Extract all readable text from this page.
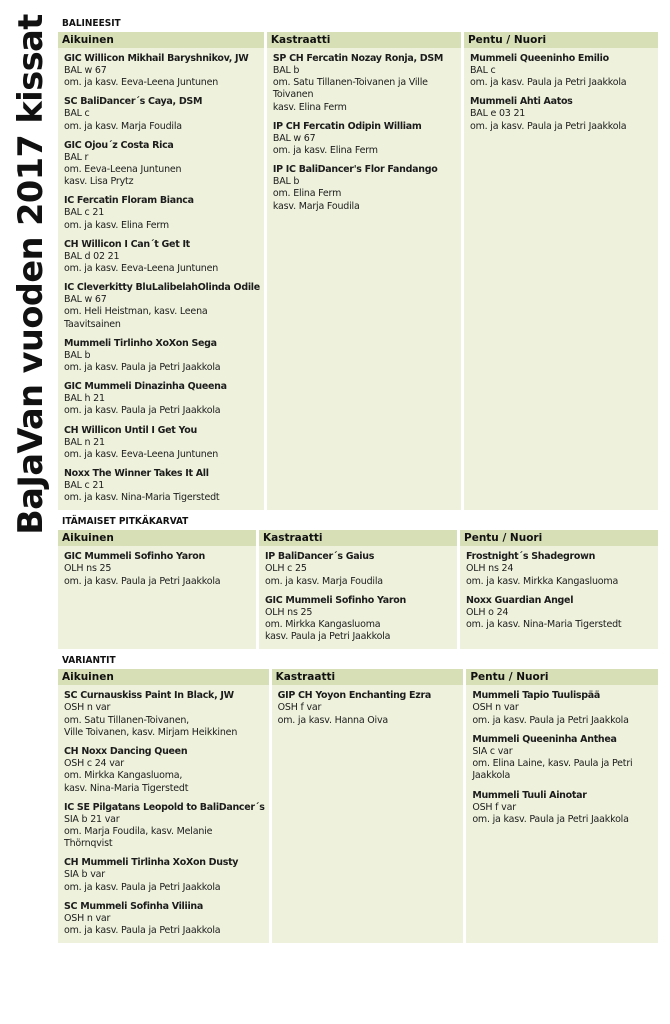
BaJaVan vuoden 2017 kissat	BALINEESIT
Aikuinen
GIC Willicon Mikhail Baryshnikov, JW
BAL w 67
om. ja kasv. Eeva-Leena Juntunen
SC BaliDancer´s Caya, DSM
BAL c
om. ja kasv. Marja Foudila
GIC Ojou´z Costa Rica
BAL r
om. Eeva-Leena Juntunen
kasv. Lisa Prytz
IC Fercatin Floram Bianca
BAL c 21
om. ja kasv. Elina Ferm
CH Willicon I Can´t Get It
BAL d 02 21
om. ja kasv. Eeva-Leena Juntunen
IC Cleverkitty BluLalibelahOlinda Odile
BAL w 67
om. Heli Heistman, kasv. Leena
Taavitsainen
Mummeli Tirlinho XoXon Sega
BAL b
om. ja kasv. Paula ja Petri Jaakkola
GIC Mummeli Dinazinha Queena
BAL h 21
om. ja kasv. Paula ja Petri Jaakkola
CH Willicon Until I Get You
BAL n 21
om. ja kasv. Eeva-Leena Juntunen
Noxx The Winner Takes It All
BAL c 21
om. ja kasv. Nina-Maria Tigerstedt
Kastraatti
SP CH Fercatin Nozay Ronja, DSM
BAL b
om. Satu Tillanen-Toivanen ja Ville
Toivanen
kasv. Elina Ferm
IP CH Fercatin Odipin William
BAL w 67
om. ja kasv. Elina Ferm
IP IC BaliDancer's Flor Fandango
BAL b
om. Elina Ferm
kasv. Marja Foudila
Pentu / Nuori
Mummeli Queeninho Emilio
BAL c
om. ja kasv. Paula ja Petri Jaakkola
Mummeli Ahti Aatos
BAL e 03 21
om. ja kasv. Paula ja Petri Jaakkola
ITÄMAISET PITKÄKARVAT
Aikuinen
GIC Mummeli Sofinho Yaron
OLH ns 25
om. ja kasv. Paula ja Petri Jaakkola
Kastraatti
IP BaliDancer´s Gaius
OLH c 25
om. ja kasv. Marja Foudila
GIC Mummeli Sofinho Yaron
OLH ns 25
om. Mirkka Kangasluoma
kasv. Paula ja Petri Jaakkola
Pentu / Nuori
Frostnight´s Shadegrown
OLH ns 24
om. ja kasv. Mirkka Kangasluoma
Noxx Guardian Angel
OLH o 24
om. ja kasv. Nina-Maria Tigerstedt
VARIANTIT
Aikuinen
SC Curnauskiss Paint In Black, JW
OSH n var
om. Satu Tillanen-Toivanen,
Ville Toivanen, kasv. Mirjam Heikkinen
CH Noxx Dancing Queen
OSH c 24 var
om. Mirkka Kangasluoma,
kasv. Nina-Maria Tigerstedt
IC SE Pilgatans Leopold to BaliDancer´s
SIA b 21 var
om. Marja Foudila, kasv. Melanie
Thörnqvist
CH Mummeli Tirlinha XoXon Dusty
SIA b var
om. ja kasv. Paula ja Petri Jaakkola
SC Mummeli Sofinha Viliina
OSH n var
om. ja kasv. Paula ja Petri Jaakkola
Kastraatti
GIP CH Yoyon Enchanting Ezra
OSH f var
om. ja kasv. Hanna Oiva
Pentu / Nuori
Mummeli Tapio Tuulispää
OSH n var
om. ja kasv. Paula ja Petri Jaakkola
Mummeli Queeninha Anthea
SIA c var
om. Elina Laine, kasv. Paula ja Petri
Jaakkola
Mummeli Tuuli Ainotar
OSH f var
om. ja kasv. Paula ja Petri Jaakkola
